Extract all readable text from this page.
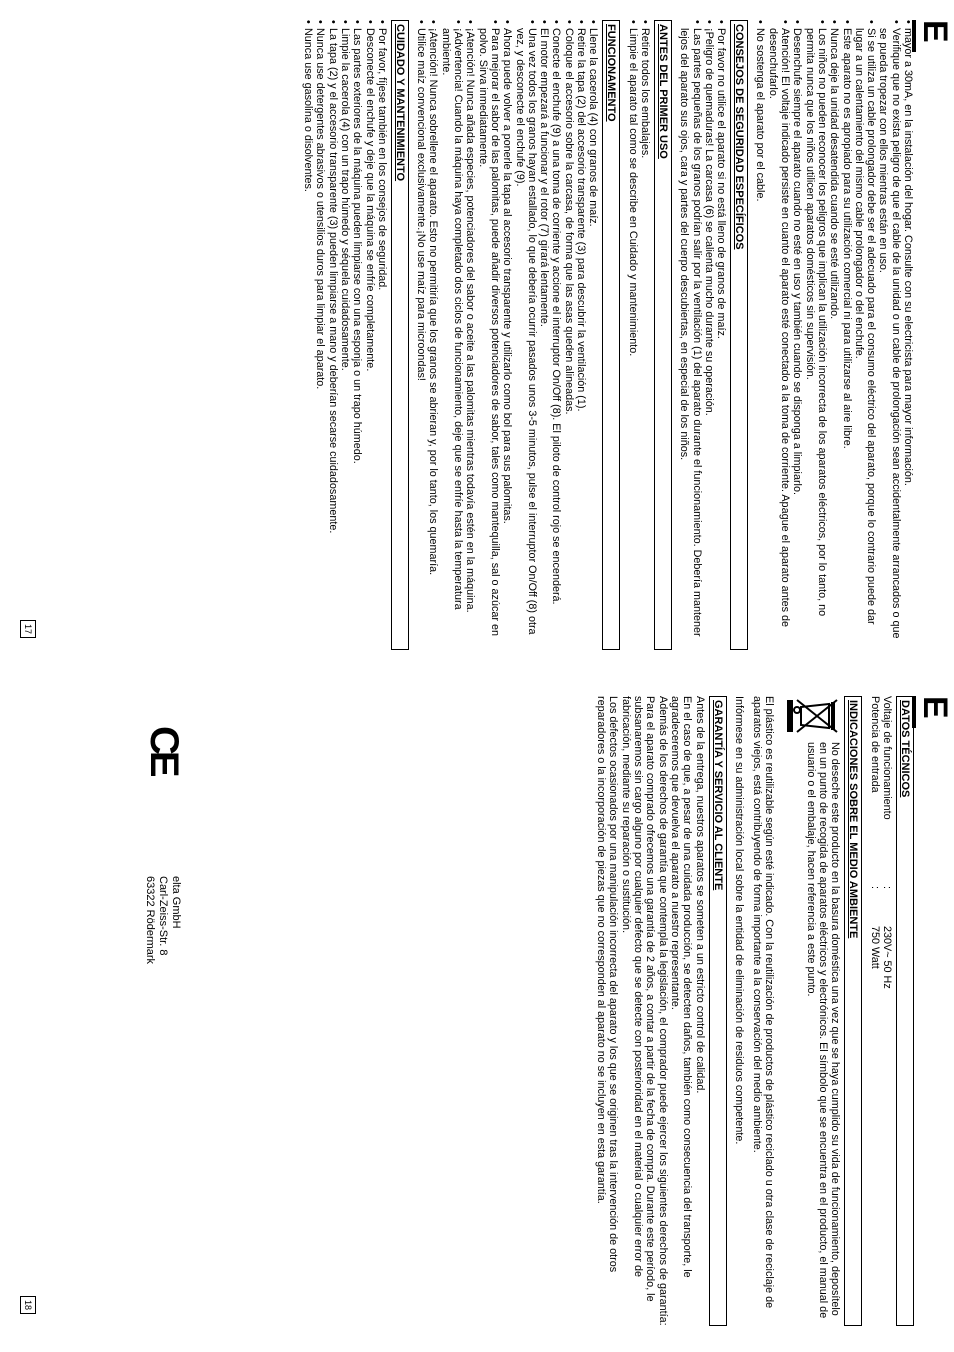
E
• mayor a 30mA, en la instalación del hogar. Consulte con su electricista para mayor información.
• Verifique que no exista peligro de que el cable de la unidad o un cable de prolongación sean accidentalmente arrancados o que se pueda tropezar con ellos mientras están en uso.
• Si se utiliza un cable prolongador debe ser el adecuado para el consumo eléctrico del aparato, porque lo contrario puede dar lugar a un calentamiento del mismo cable prolongador o del enchufe.
• Este aparato no es apropiado para su utilización comercial ni para utilizarse al aire libre.
• Nunca deje la unidad desatendida cuando se esté utilizando.
• Los niños no pueden reconocer los peligros que implican la utilización incorrecta de los aparatos eléctricos, por lo tanto, no permita nunca que los niños utilicen aparatos domésticos sin supervisión.
• Desenchufe siempre el aparato cuando no esté en uso y también cuando se disponga a limpiarlo.
• Atención! El voltaje indicado persiste en cuanto el aparato esté conectado a la toma de corriente. Apague el aparato antes de desenchufarlo.
• No sostenga el aparato por el cable.
CONSEJOS DE SEGURIDAD ESPECÍFICOS
• Por favor no utilice el aparato si no está lleno de granos de maíz.
• ¡Peligro de quemaduras! La carcasa (6) se calienta mucho durante su operación.
• Las partes pequeñas de los granos podrían salir por la ventilación (1) del aparato durante el funcionamiento. Debería mantener lejos del aparato sus ojos, cara y partes del cuerpo descubiertas, en especial de los niños.
ANTES DEL PRIMER USO
• Retire todos los embalajes.
• Limpie el aparato tal como se describe en Cuidado y mantenimiento.
FUNCIONAMENTO
• Llene la cacerola (4) con granos de maíz.
• Retire la tapa (2) del accesorio transparente (3) para descubrir la ventilación (1).
• Coloque el accesorio sobre la carcasa, de forma que las asas queden alineadas.
• Conecte el enchufe (9) a una toma de corriente y accione el interruptor On/Off (8). El piloto de control rojo se encenderá.
• El motor empezará a funcionar y el rotor (7) girará lentamente.
• Una vez todos los granos hayan estallado, lo que debería ocurrir pasados unos 3-5 minutos, pulse el interruptor On/Off (8) otra vez, y desconecte el enchufe (9).
• Ahora puede volver a ponerle la tapa al accesorio transparente y utilizarlo como bol para sus palomitas.
• Para mejorar el sabor de las palomitas, puede añadir diversos potenciadores de sabor, tales como mantequilla, sal o azúcar en polvo. Sirva inmediatamente.
• ¡Atención! Nunca añada especies, potenciadores del sabor o aceite a las palomitas mientras todavía estén en la máquina.
• ¡Advertencia! Cuando la máquina haya completado dos ciclos de funcionamiento, deje que se enfríe hasta la temperatura ambiente.
• ¡Atención! Nunca sobrellene el aparato. Esto no permitiría que los granos se abrieran y, por lo tanto, los quemaría.
• Utilice maíz convencional exclusivamente.¡No use maíz para microondas!
CUIDADO Y MANTENIMIENTO
• Por favor, fíjese también en los consejos de seguridad.
• Desconecte el enchufe y deje que la máquina se enfríe completamente.
• Las partes exteriores de la máquina pueden limpiarse con una esponja o un trapo húmedo.
• Limpie la cacerola (4) con un trapo húmedo y séquela cuidadosamente.
• La tapa (2) y el accesorio transparente (3) pueden limpiarse a mano y deberían secarse cuidadosamente.
• Nunca use detergentes abrasivos o utensilios duros para limpiar el aparato.
• Nunca use gasolina o disolventes.
17
E
DATOS TÉCNICOS
Voltaje de funcionamiento
:
230V~ 50 Hz
Potencia de entrada
:
750 Watt
INDICACIONES SOBRE EL MEDIO AMBIENTE

No deseche este producto en la basura doméstica una vez que se haya cumplido su vida de funcionamiento, deposítelo en un punto de recogida de aparatos eléctricos y electrónicos. El símbolo que se encuentra en el producto, el manual de usuario o el embalaje, hacen referencia a este punto.

El plástico es reutilizable según esté indicado. Con la reutilización de productos de plástico reciclado u otra clase de reciclaje de aparatos viejos, está contribuyendo de forma importante a la conservación del medio ambiente.

Infórmese en su administración local sobre la entidad de eliminación de residuos competente.

GARANTÍA Y SERVICIO AL CLIENTE

Antes de la entrega, nuestros aparatos se someten a un estricto control de calidad.

En el caso de que, a pesar de una cuidada producción, se detecten daños, también como consecuencia del transporte, le agradeceremos que devuelva el aparato a nuestro representante.

Además de los derechos de garantía que contempla la legislación, el comprador puede ejercer los siguientes derechos de garantía:

Para el aparato comprado ofrecemos una garantía de 2 años, a contar a partir de la fecha de compra. Durante este período, le subsanaremos sin cargo alguno por cualquier defecto que se detecte con posterioridad en el material o cualquier error de fabricación, mediante su reparación o sustitución.

Los defectos ocasionados por una manipulación incorrecta del aparato y los que se originen tras la intervención de otros reparadores o la incorporación de piezas que no corresponden al aparato no se incluyen en esta garantía.

CE
elta GmbH
Carl-Zeiss-Str. 8
63322 Rödermark
18
